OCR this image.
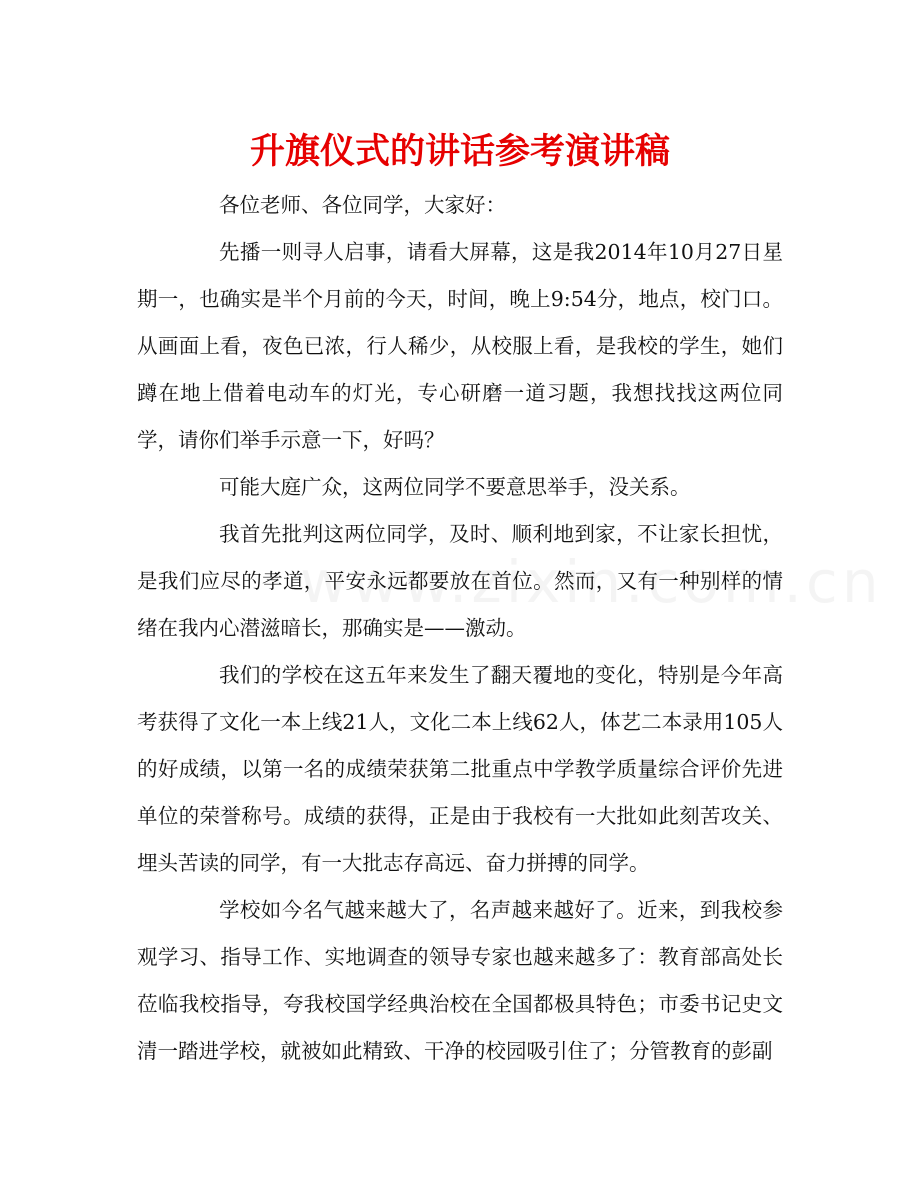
升旗仪式的讲话参考演讲稿

各位老师、各位同学，大家好：

先播一则寻人启事，请看大屏幕，这是我2014年10月27日星期一，也确实是半个月前的今天，时间，晚上9:54分，地点，校门口。从画面上看，夜色已浓，行人稀少，从校服上看，是我校的学生，她们蹲在地上借着电动车的灯光，专心研磨一道习题，我想找找这两位同学，请你们举手示意一下，好吗？

可能大庭广众，这两位同学不要意思举手，没关系。

我首先批判这两位同学，及时、顺利地到家，不让家长担忧，是我们应尽的孝道，平安永远都要放在首位。然而，又有一种别样的情绪在我内心潜滋暗长，那确实是——激动。

我们的学校在这五年来发生了翻天覆地的变化，特别是今年高考获得了文化一本上线21人，文化二本上线62人，体艺二本录用105人的好成绩，以第一名的成绩荣获第二批重点中学教学质量综合评价先进单位的荣誉称号。成绩的获得，正是由于我校有一大批如此刻苦攻关、埋头苦读的同学，有一大批志存高远、奋力拼搏的同学。

学校如今名气越来越大了，名声越来越好了。近来，到我校参观学习、指导工作、实地调查的领导专家也越来越多了：教育部高处长莅临我校指导，夸我校国学经典治校在全国都极具特色；市委书记史文清一踏进学校，就被如此精致、干净的校园吸引住了；分管教育的彭副
